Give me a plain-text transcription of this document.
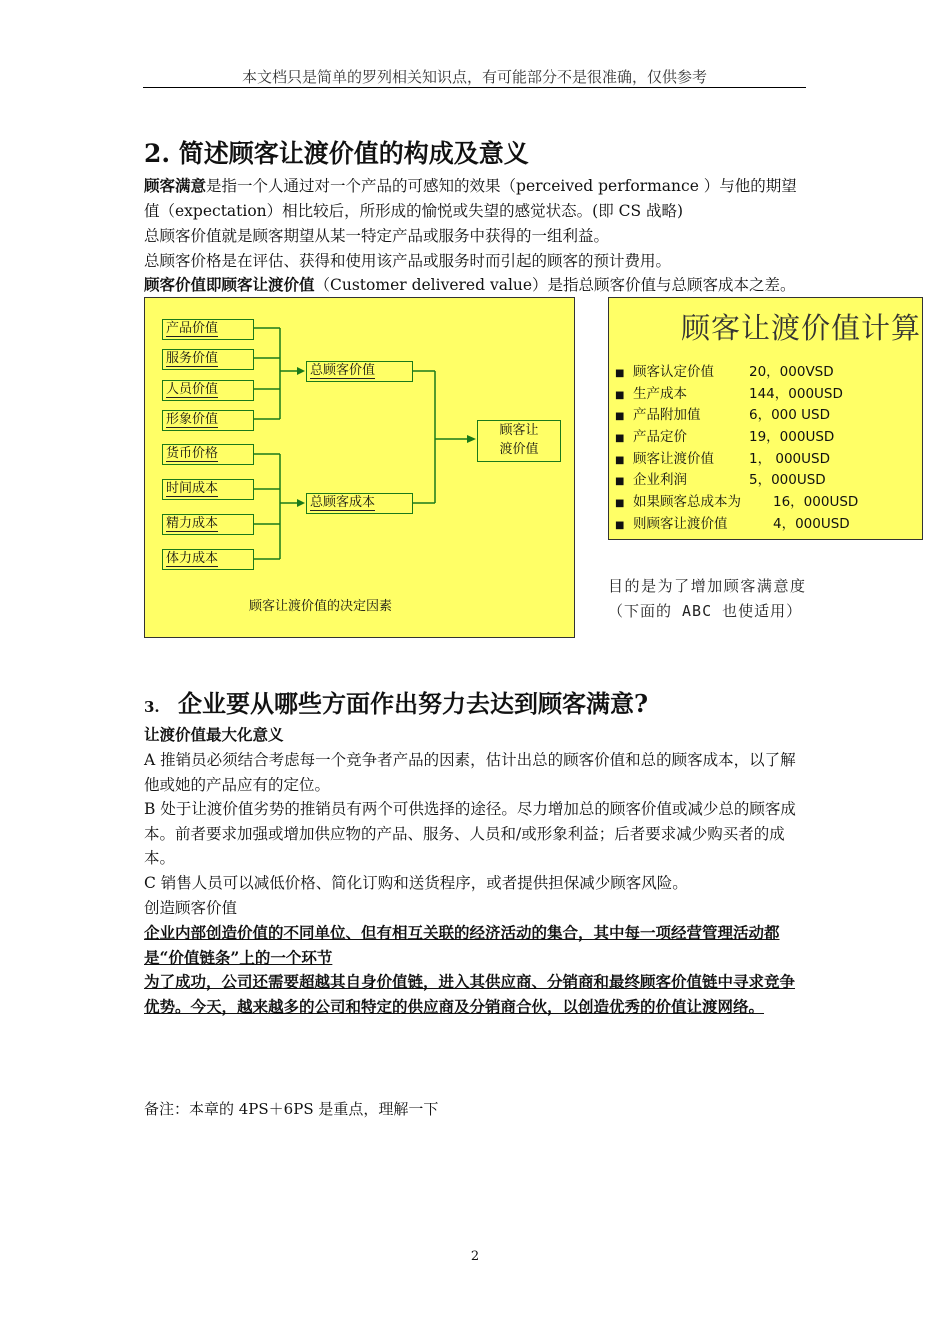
本文档只是简单的罗列相关知识点，有可能部分不是很准确，仅供参考
2. 简述顾客让渡价值的构成及意义
顾客满意是指一个人通过对一个产品的可感知的效果（perceived performance ）与他的期望值（expectation）相比较后，所形成的愉悦或失望的感觉状态。(即 CS 战略)
总顾客价值就是顾客期望从某一特定产品或服务中获得的一组利益。
总顾客价格是在评估、获得和使用该产品或服务时而引起的顾客的预计费用。
顾客价值即顾客让渡价值（Customer delivered value）是指总顾客价值与总顾客成本之差。
产品价值
服务价值
人员价值
形象价值
货币价格
时间成本
精力成本
体力成本
总顾客价值
总顾客成本
顾客让
渡价值
顾客让渡价值的决定因素
顾客让渡价值计算
■ 顾客认定价值	20，000VSD
■ 生产成本	144，000USD
■ 产品附加值	6，000 USD
■ 产品定价	19，000USD
■ 顾客让渡价值	1， 000USD
■ 企业利润	5，000USD
■ 如果顾客总成本为 16，000USD
■ 则顾客让渡价值	4，000USD
目的是为了增加顾客满意度（下面的 ABC 也使适用）
3. 企业要从哪些方面作出努力去达到顾客满意?
让渡价值最大化意义
A 推销员必须结合考虑每一个竞争者产品的因素，估计出总的顾客价值和总的顾客成本，以了解他或她的产品应有的定位。
B 处于让渡价值劣势的推销员有两个可供选择的途径。尽力增加总的顾客价值或减少总的顾客成本。前者要求加强或增加供应物的产品、服务、人员和/或形象利益；后者要求减少购买者的成本。
C 销售人员可以减低价格、简化订购和送货程序，或者提供担保减少顾客风险。
创造顾客价值
企业内部创造价值的不同单位、但有相互关联的经济活动的集合，其中每一项经营管理活动都是“价值链条”上的一个环节
为了成功，公司还需要超越其自身价值链，进入其供应商、分销商和最终顾客价值链中寻求竞争优势。今天，越来越多的公司和特定的供应商及分销商合伙，以创造优秀的价值让渡网络。
备注：本章的 4PS＋6PS 是重点，理解一下
2
